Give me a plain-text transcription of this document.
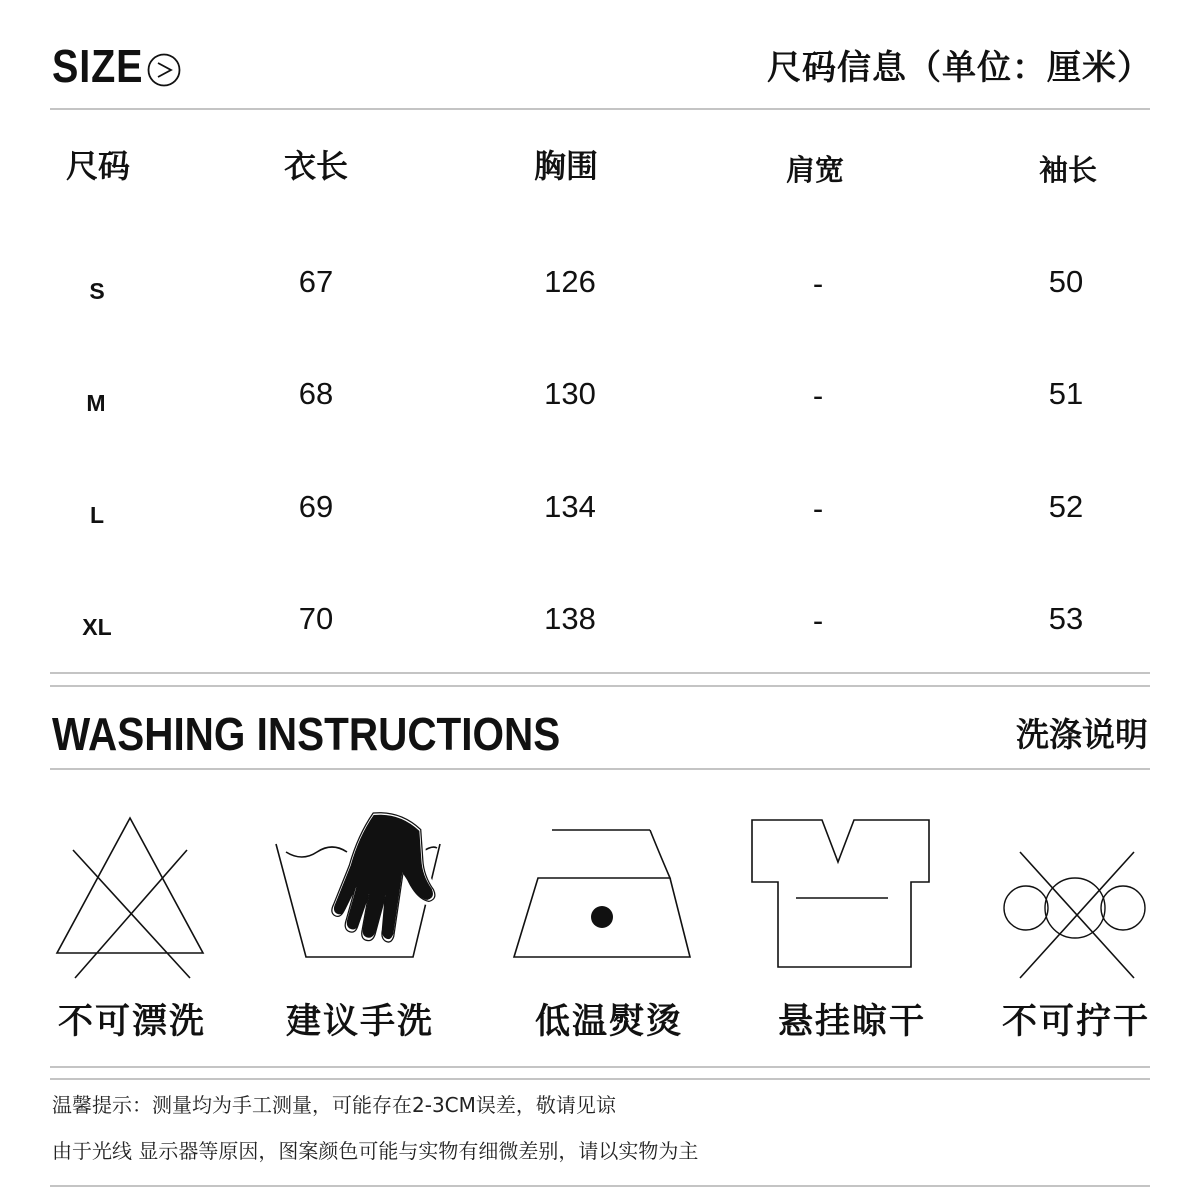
SIZE	尺码信息（单位：厘米）
尺码	衣长	胸围	肩宽	袖长
S	67	126	-	50
M	68	130	-	51
L	69	134	-	52
XL	70	138	-	53
WASHING INSTRUCTIONS	洗涤说明
不可漂洗 建议手洗	低温熨烫	悬挂晾干 不可拧干
温馨提示：测量均为手工测量，可能存在2-3CM误差，敬请见谅
由于光线 显示器等原因，图案颜色可能与实物有细微差别，请以实物为主
